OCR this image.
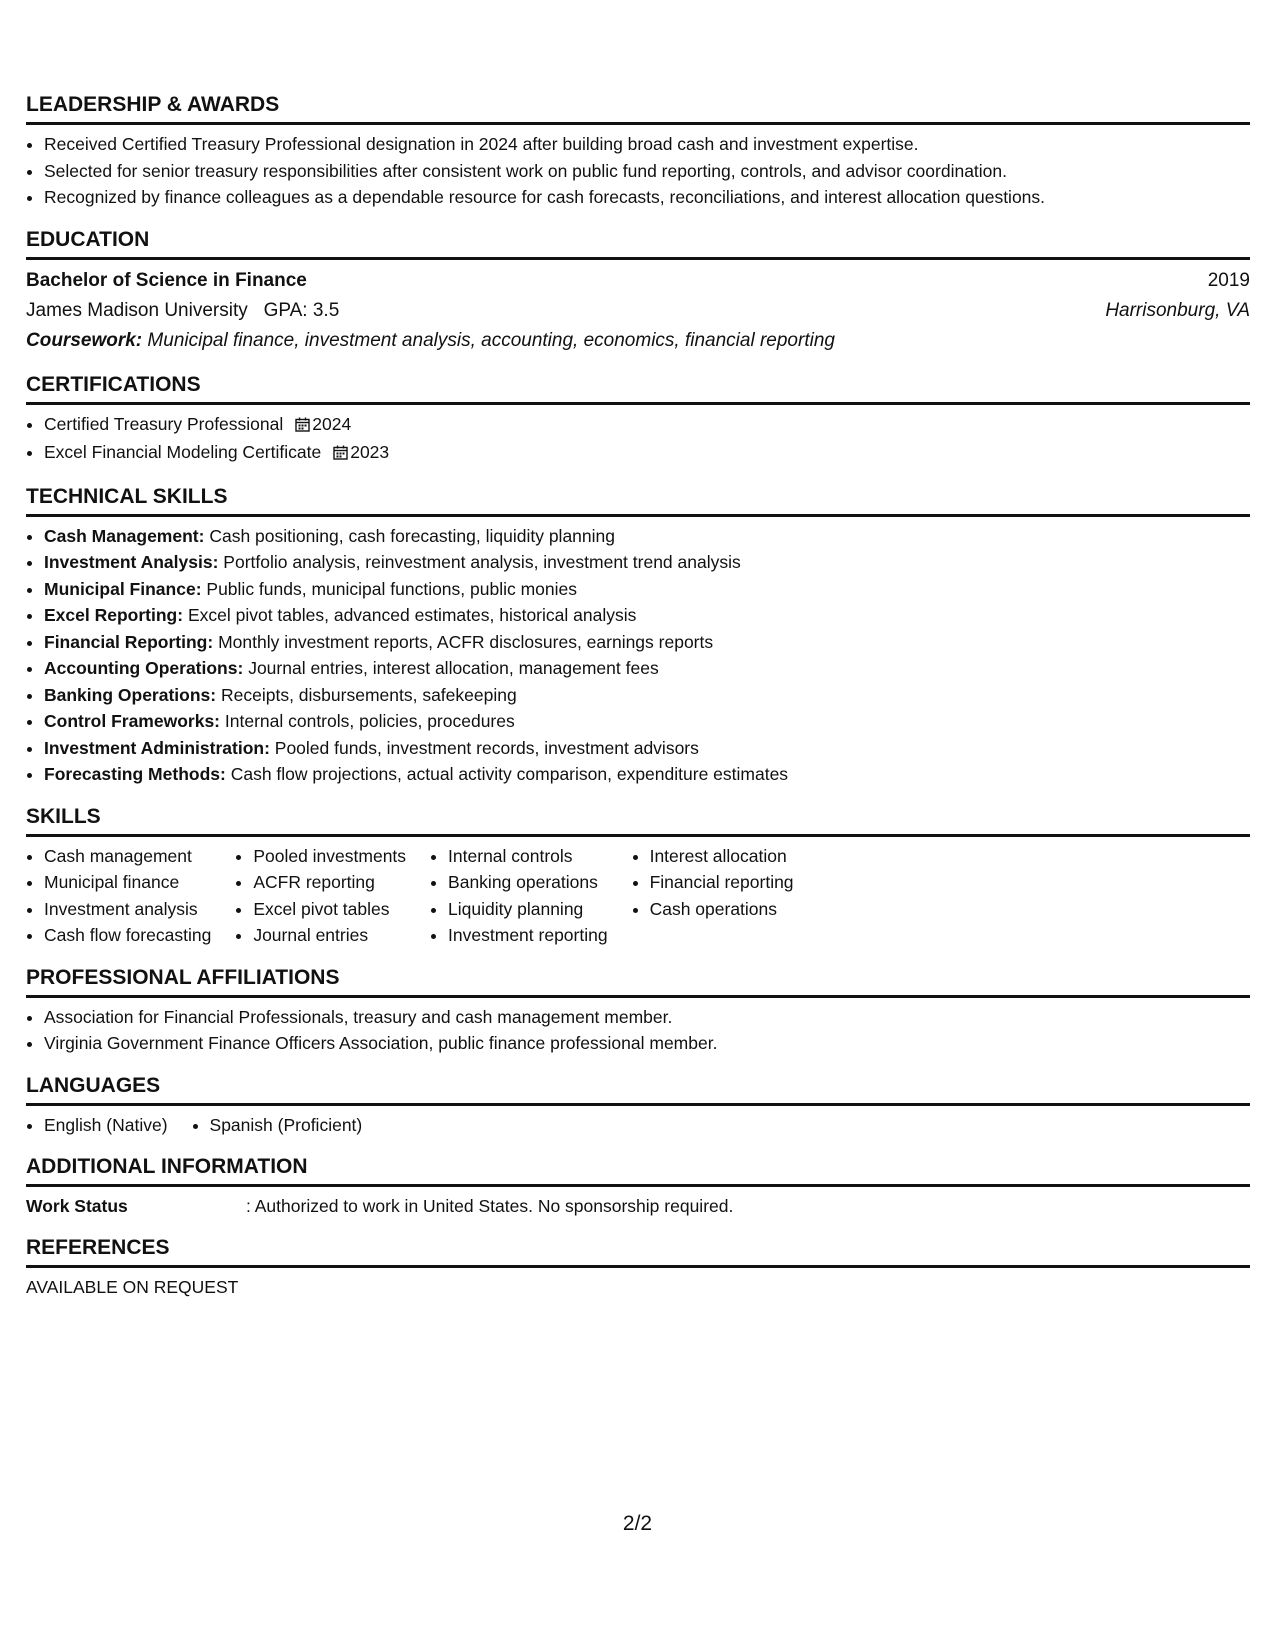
LEADERSHIP & AWARDS
• Received Certified Treasury Professional designation in 2024 after building broad cash and investment expertise.
• Selected for senior treasury responsibilities after consistent work on public fund reporting, controls, and advisor coordination.
• Recognized by finance colleagues as a dependable resource for cash forecasts, reconciliations, and interest allocation questions.
EDUCATION
Bachelor of Science in Finance	2019
James Madison University GPA: 3.5	Harrisonburg, VA
Coursework: Municipal finance, investment analysis, accounting, economics, financial reporting
CERTIFICATIONS
• Certified Treasury Professional 2024
• Excel Financial Modeling Certificate 2023
TECHNICAL SKILLS
• Cash Management: Cash positioning, cash forecasting, liquidity planning
• Investment Analysis: Portfolio analysis, reinvestment analysis, investment trend analysis
• Municipal Finance: Public funds, municipal functions, public monies
• Excel Reporting: Excel pivot tables, advanced estimates, historical analysis
• Financial Reporting: Monthly investment reports, ACFR disclosures, earnings reports
• Accounting Operations: Journal entries, interest allocation, management fees
• Banking Operations: Receipts, disbursements, safekeeping
• Control Frameworks: Internal controls, policies, procedures
• Investment Administration: Pooled funds, investment records, investment advisors
• Forecasting Methods: Cash flow projections, actual activity comparison, expenditure estimates
SKILLS
• Cash management
• Municipal finance
• Investment analysis
• Cash flow forecasting
• Pooled investments
• ACFR reporting
• Excel pivot tables
• Journal entries
• Internal controls
• Banking operations
• Liquidity planning
• Investment reporting
• Interest allocation
• Financial reporting
• Cash operations
PROFESSIONAL AFFILIATIONS
• Association for Financial Professionals, treasury and cash management member.
• Virginia Government Finance Officers Association, public finance professional member.
LANGUAGES
• English (Native)
• Spanish (Proficient)
ADDITIONAL INFORMATION
Work Status	: Authorized to work in United States. No sponsorship required.
REFERENCES
AVAILABLE ON REQUEST
2/2
